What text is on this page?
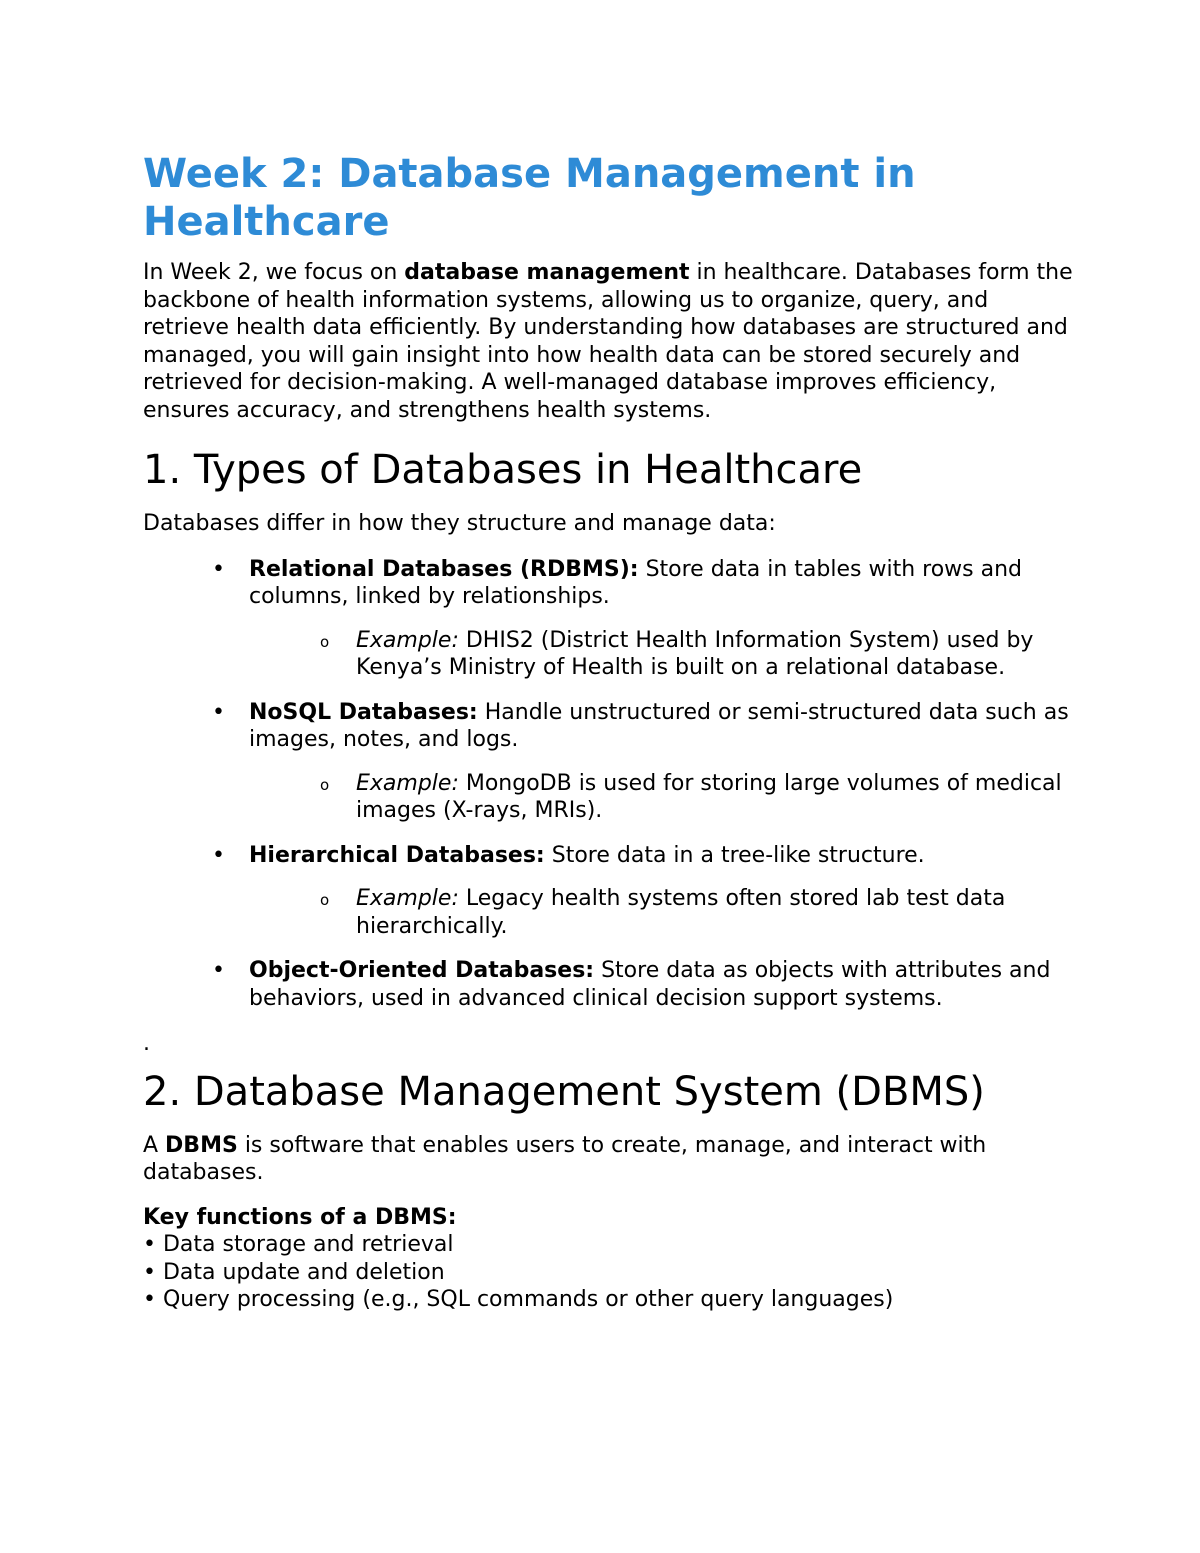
Week 2: Database Management in Healthcare

In Week 2, we focus on database management in healthcare. Databases form the backbone of health information systems, allowing us to organize, query, and retrieve health data efficiently. By understanding how databases are structured and managed, you will gain insight into how health data can be stored securely and retrieved for decision-making. A well-managed database improves efficiency, ensures accuracy, and strengthens health systems.

1. Types of Databases in Healthcare

Databases differ in how they structure and manage data:

• Relational Databases (RDBMS): Store data in tables with rows and columns, linked by relationships.
o Example: DHIS2 (District Health Information System) used by Kenya’s Ministry of Health is built on a relational database.
• NoSQL Databases: Handle unstructured or semi-structured data such as images, notes, and logs.
o Example: MongoDB is used for storing large volumes of medical images (X-rays, MRIs).
• Hierarchical Databases: Store data in a tree-like structure.
o Example: Legacy health systems often stored lab test data hierarchically.
• Object-Oriented Databases: Store data as objects with attributes and behaviors, used in advanced clinical decision support systems.

.

2. Database Management System (DBMS)

A DBMS is software that enables users to create, manage, and interact with databases.

Key functions of a DBMS:

• Data storage and retrieval

• Data update and deletion

• Query processing (e.g., SQL commands or other query languages)
